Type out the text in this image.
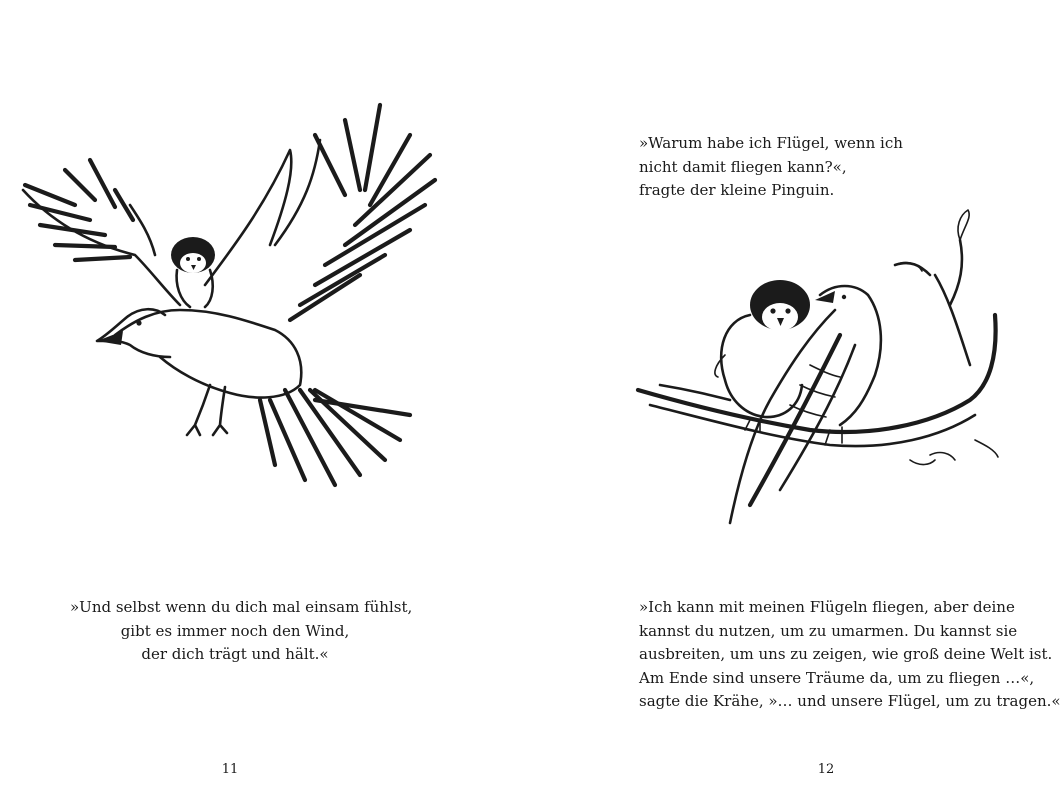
»Und selbst wenn du dich mal einsam fühlst,
gibt es immer noch den Wind,
der dich trägt und hält.«
11
»Warum habe ich Flügel, wenn ich
nicht damit fliegen kann?«,
fragte der kleine Pinguin.
»Ich kann mit meinen Flügeln fliegen, aber deine
kannst du nutzen, um zu umarmen. Du kannst sie
ausbreiten, um uns zu zeigen, wie groß deine Welt ist.
Am Ende sind unsere Träume da, um zu fliegen …«,
sagte die Krähe, »… und unsere Flügel, um zu tragen.«
12
